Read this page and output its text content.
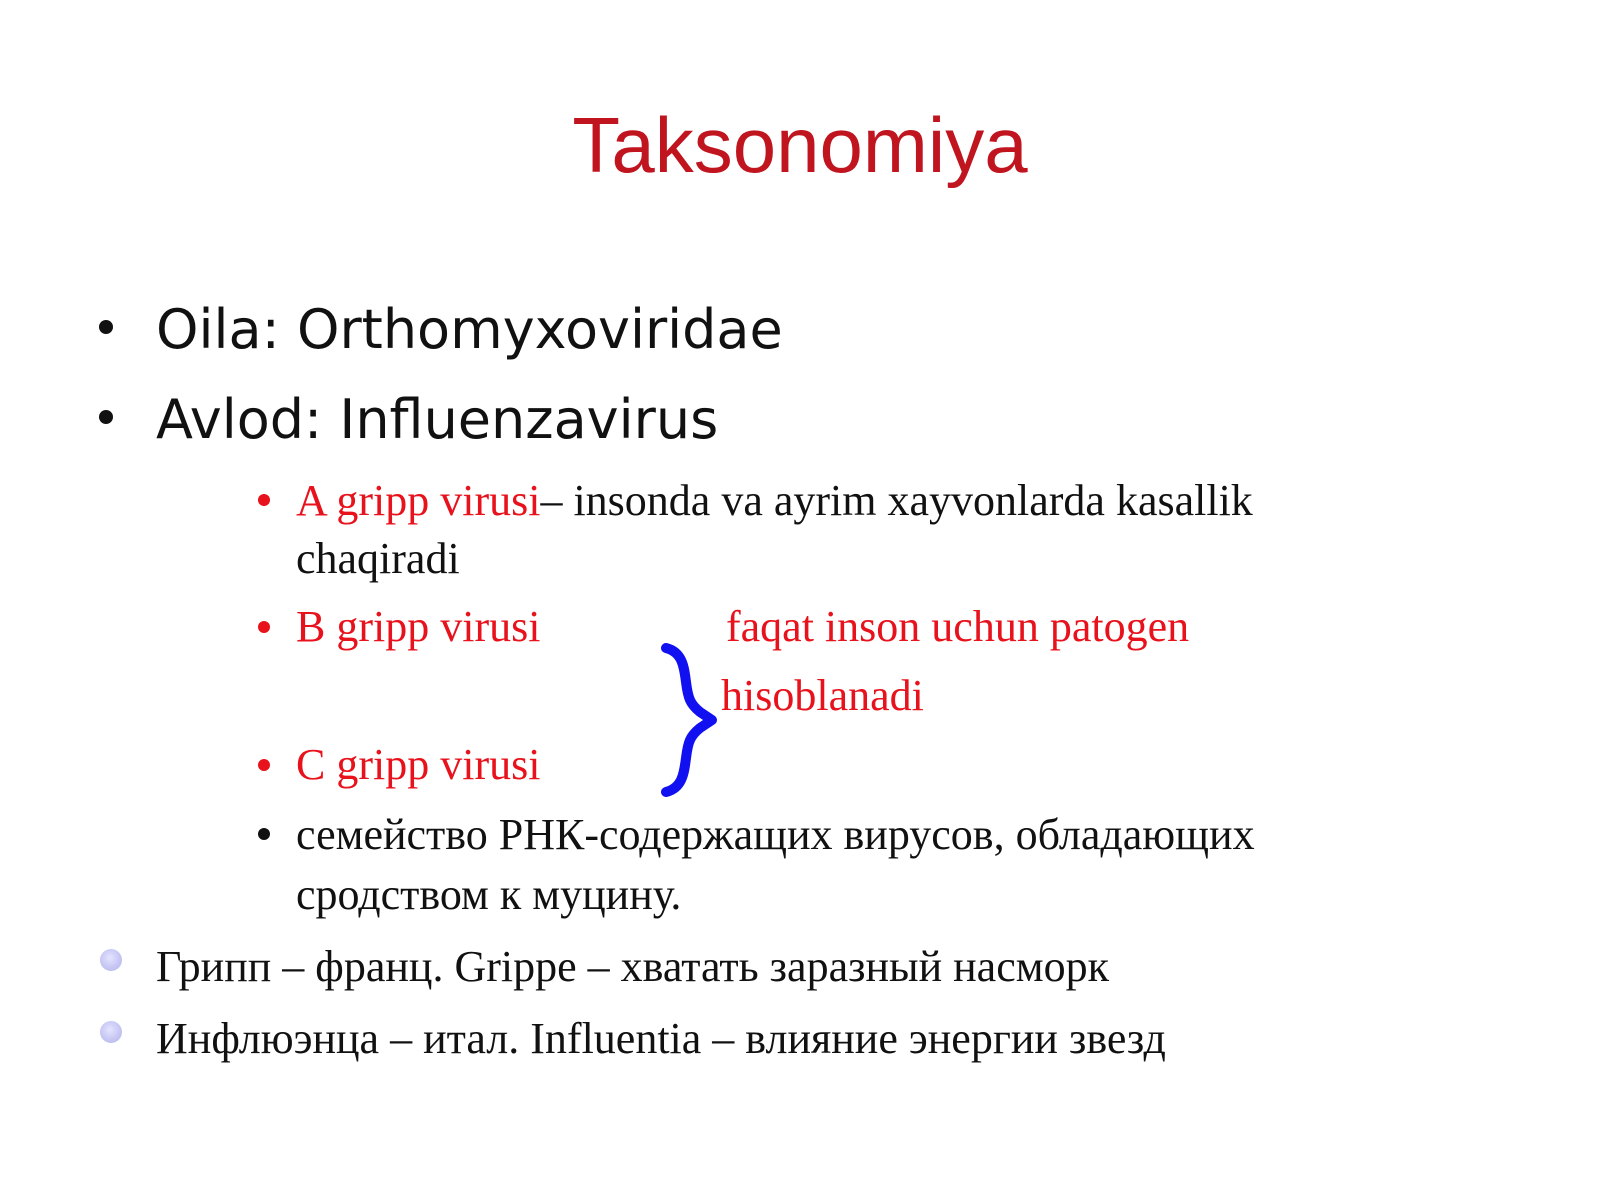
Taksonomiya
Oila: Orthomyxoviridae
Avlod: Influenzavirus
A gripp virusi– insonda va ayrim xayvonlarda kasallik
chaqiradi
B gripp virusi	faqat inson uchun patogen
hisoblanadi
C gripp virusi
семейство РНК-содержащих вирусов, обладающих
сродством к муцину.
Грипп – франц. Grippe – хватать заразный насморк
Инфлюэнца – итал. Influentia – влияние энергии звезд
